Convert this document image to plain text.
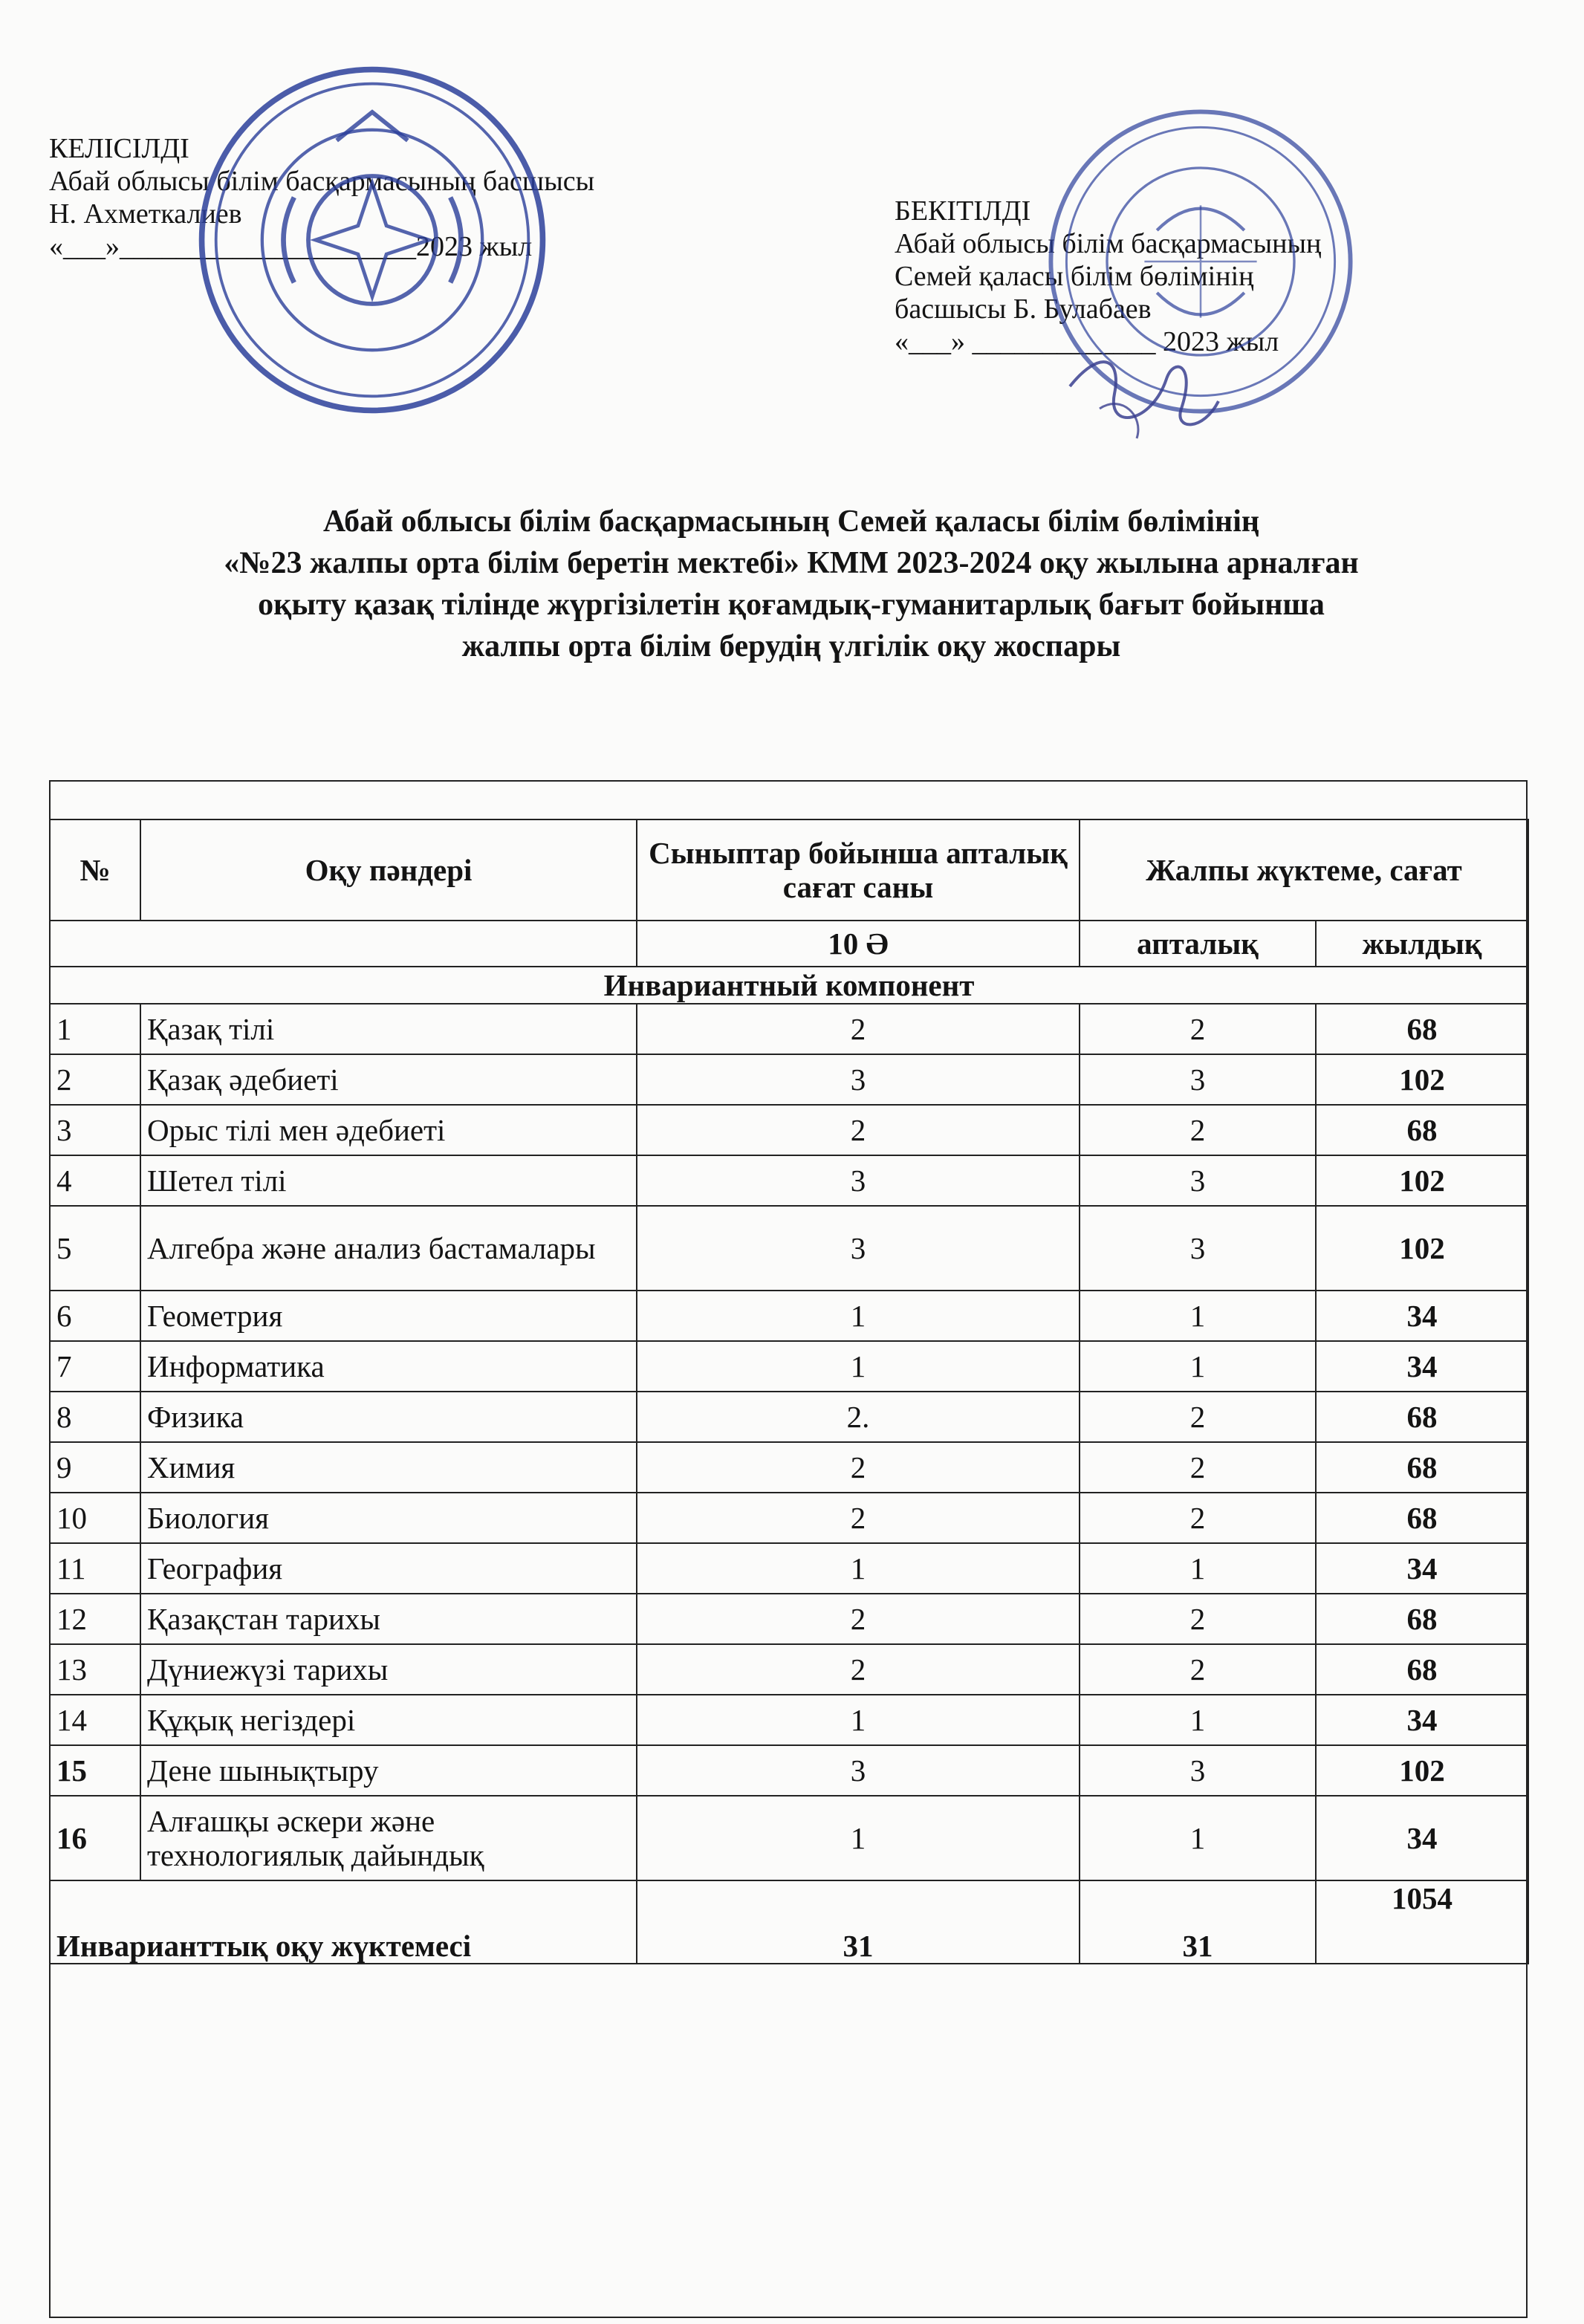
КЕЛІСІЛДІ
Абай облысы білім басқармасының басшысы
Н. Ахметкалиев
«___»_____________________2023 жыл
БЕКІТІЛДІ
Абай облысы білім басқармасының
Семей қаласы білім бөлімінің
басшысы Б. Булабаев
«___» _____________ 2023 жыл
Абай облысы білім басқармасының Семей қаласы білім бөлімінің
«№23 жалпы орта білім беретін мектебі» КММ 2023-2024 оқу жылына арналған
оқыту қазақ тілінде жүргізілетін қоғамдық-гуманитарлық бағыт бойынша
жалпы орта білім берудің үлгілік оқу жоспары
№	Оқу пәндері	Сыныптар бойынша апталық сағат саны	Жалпы жүктеме, сағат	
		10 Ә	апталық	жылдық
Инвариантный компонент				
1	Қазақ тілі	2	2	68
2	Қазақ әдебиеті	3	3	102
3	Орыс тілі мен әдебиеті	2	2	68
4	Шетел тілі	3	3	102
5	Алгебра және анализ бастамалары	3	3	102
6	Геометрия	1	1	34
7	Информатика	1	1	34
8	Физика	2.	2	68
9	Химия	2	2	68
10	Биология	2	2	68
11	География	1	1	34
12	Қазақстан тарихы	2	2	68
13	Дүниежүзі тарихы	2	2	68
14	Құқық негіздері	1	1	34
15	Дене шынықтыру	3	3	102
16	Алғашқы әскери және технологиялық дайындық	1	1	34
Инварианттық оқу жүктемесі		31	31	1054
